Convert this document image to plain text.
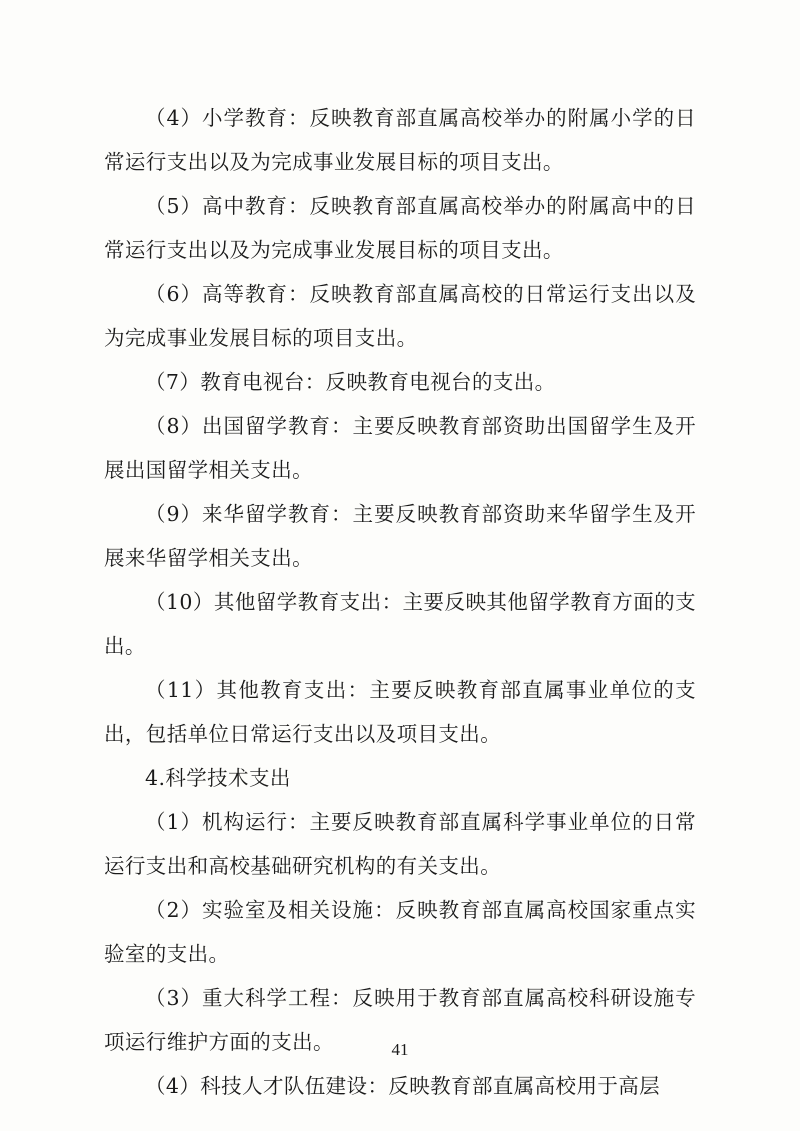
（4）小学教育：反映教育部直属高校举办的附属小学的日常运行支出以及为完成事业发展目标的项目支出。

（5）高中教育：反映教育部直属高校举办的附属高中的日常运行支出以及为完成事业发展目标的项目支出。

（6）高等教育：反映教育部直属高校的日常运行支出以及为完成事业发展目标的项目支出。

（7）教育电视台：反映教育电视台的支出。

（8）出国留学教育：主要反映教育部资助出国留学生及开展出国留学相关支出。

（9）来华留学教育：主要反映教育部资助来华留学生及开展来华留学相关支出。

（10）其他留学教育支出：主要反映其他留学教育方面的支出。

（11）其他教育支出：主要反映教育部直属事业单位的支出，包括单位日常运行支出以及项目支出。

4.科学技术支出

（1）机构运行：主要反映教育部直属科学事业单位的日常运行支出和高校基础研究机构的有关支出。

（2）实验室及相关设施：反映教育部直属高校国家重点实验室的支出。

（3）重大科学工程：反映用于教育部直属高校科研设施专项运行维护方面的支出。

（4）科技人才队伍建设：反映教育部直属高校用于高层

41
